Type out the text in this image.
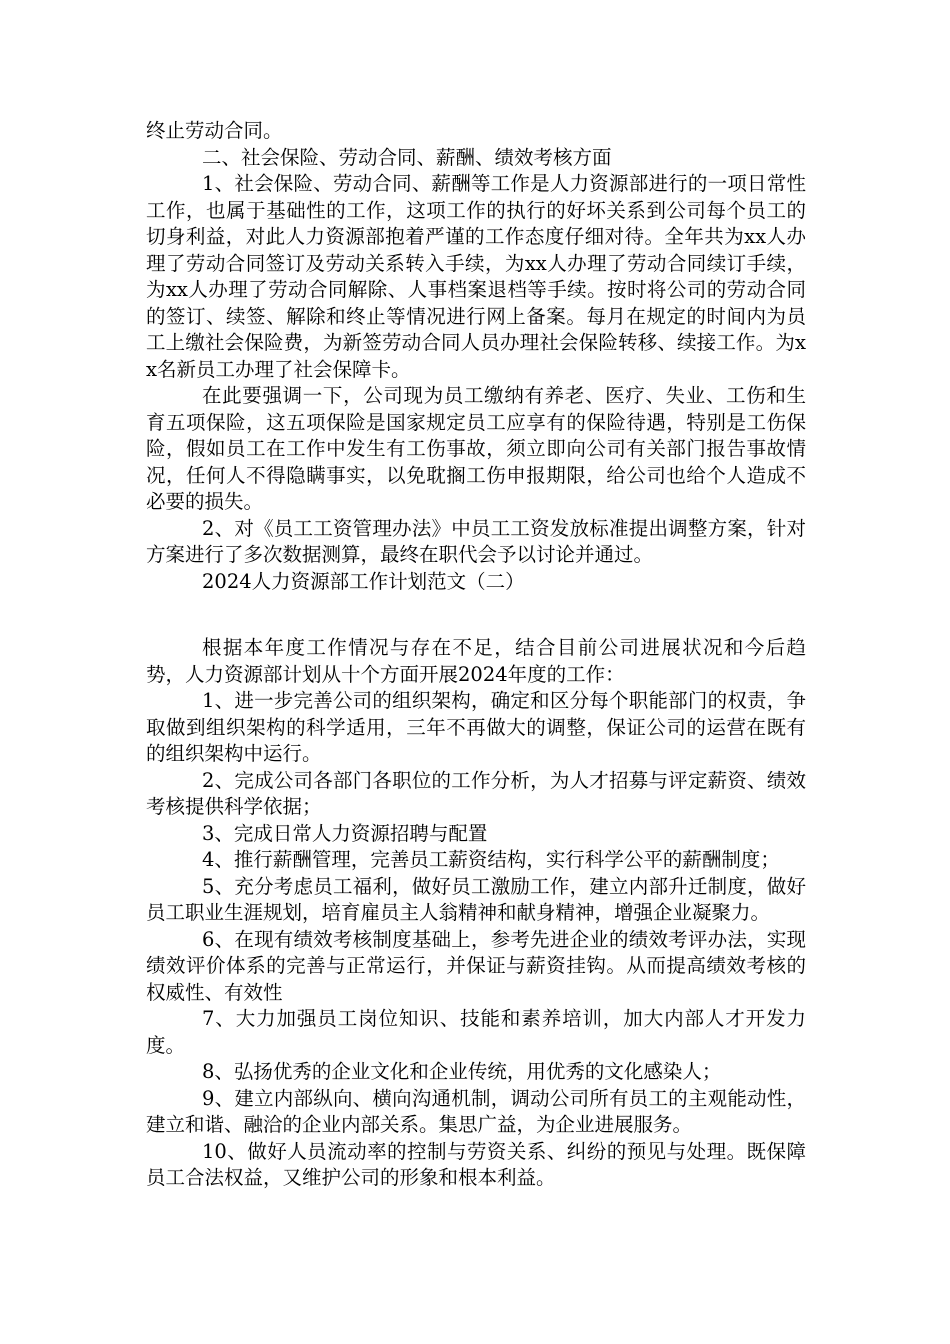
终止劳动合同。

二、社会保险、劳动合同、薪酬、绩效考核方面

1、社会保险、劳动合同、薪酬等工作是人力资源部进行的一项日常性工作，也属于基础性的工作，这项工作的执行的好坏关系到公司每个员工的切身利益，对此人力资源部抱着严谨的工作态度仔细对待。全年共为xx人办理了劳动合同签订及劳动关系转入手续，为xx人办理了劳动合同续订手续，为xx人办理了劳动合同解除、人事档案退档等手续。按时将公司的劳动合同的签订、续签、解除和终止等情况进行网上备案。每月在规定的时间内为员工上缴社会保险费，为新签劳动合同人员办理社会保险转移、续接工作。为xx名新员工办理了社会保障卡。

在此要强调一下，公司现为员工缴纳有养老、医疗、失业、工伤和生育五项保险，这五项保险是国家规定员工应享有的保险待遇，特别是工伤保险，假如员工在工作中发生有工伤事故，须立即向公司有关部门报告事故情况，任何人不得隐瞒事实，以免耽搁工伤申报期限，给公司也给个人造成不必要的损失。

2、对《员工工资管理办法》中员工工资发放标准提出调整方案，针对方案进行了多次数据测算，最终在职代会予以讨论并通过。

2024人力资源部工作计划范文（二）

根据本年度工作情况与存在不足，结合目前公司进展状况和今后趋势，人力资源部计划从十个方面开展2024年度的工作：

1、进一步完善公司的组织架构，确定和区分每个职能部门的权责，争取做到组织架构的科学适用，三年不再做大的调整，保证公司的运营在既有的组织架构中运行。

2、完成公司各部门各职位的工作分析，为人才招募与评定薪资、绩效考核提供科学依据；

3、完成日常人力资源招聘与配置

4、推行薪酬管理，完善员工薪资结构，实行科学公平的薪酬制度；

5、充分考虑员工福利，做好员工激励工作，建立内部升迁制度，做好员工职业生涯规划，培育雇员主人翁精神和献身精神，增强企业凝聚力。

6、在现有绩效考核制度基础上，参考先进企业的绩效考评办法，实现绩效评价体系的完善与正常运行，并保证与薪资挂钩。从而提高绩效考核的权威性、有效性

7、大力加强员工岗位知识、技能和素养培训，加大内部人才开发力度。

8、弘扬优秀的企业文化和企业传统，用优秀的文化感染人；

9、建立内部纵向、横向沟通机制，调动公司所有员工的主观能动性，建立和谐、融洽的企业内部关系。集思广益，为企业进展服务。

10、做好人员流动率的控制与劳资关系、纠纷的预见与处理。既保障员工合法权益，又维护公司的形象和根本利益。
